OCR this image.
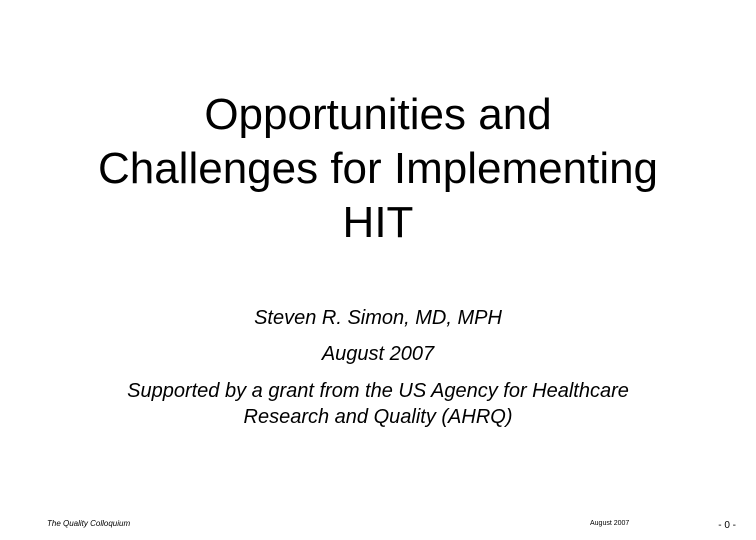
Opportunities and
Challenges for Implementing
HIT
Steven R. Simon, MD, MPH
August 2007
Supported by a grant from the US Agency for Healthcare
Research and Quality (AHRQ)
The Quality Colloquium	August 2007	- 0 -
